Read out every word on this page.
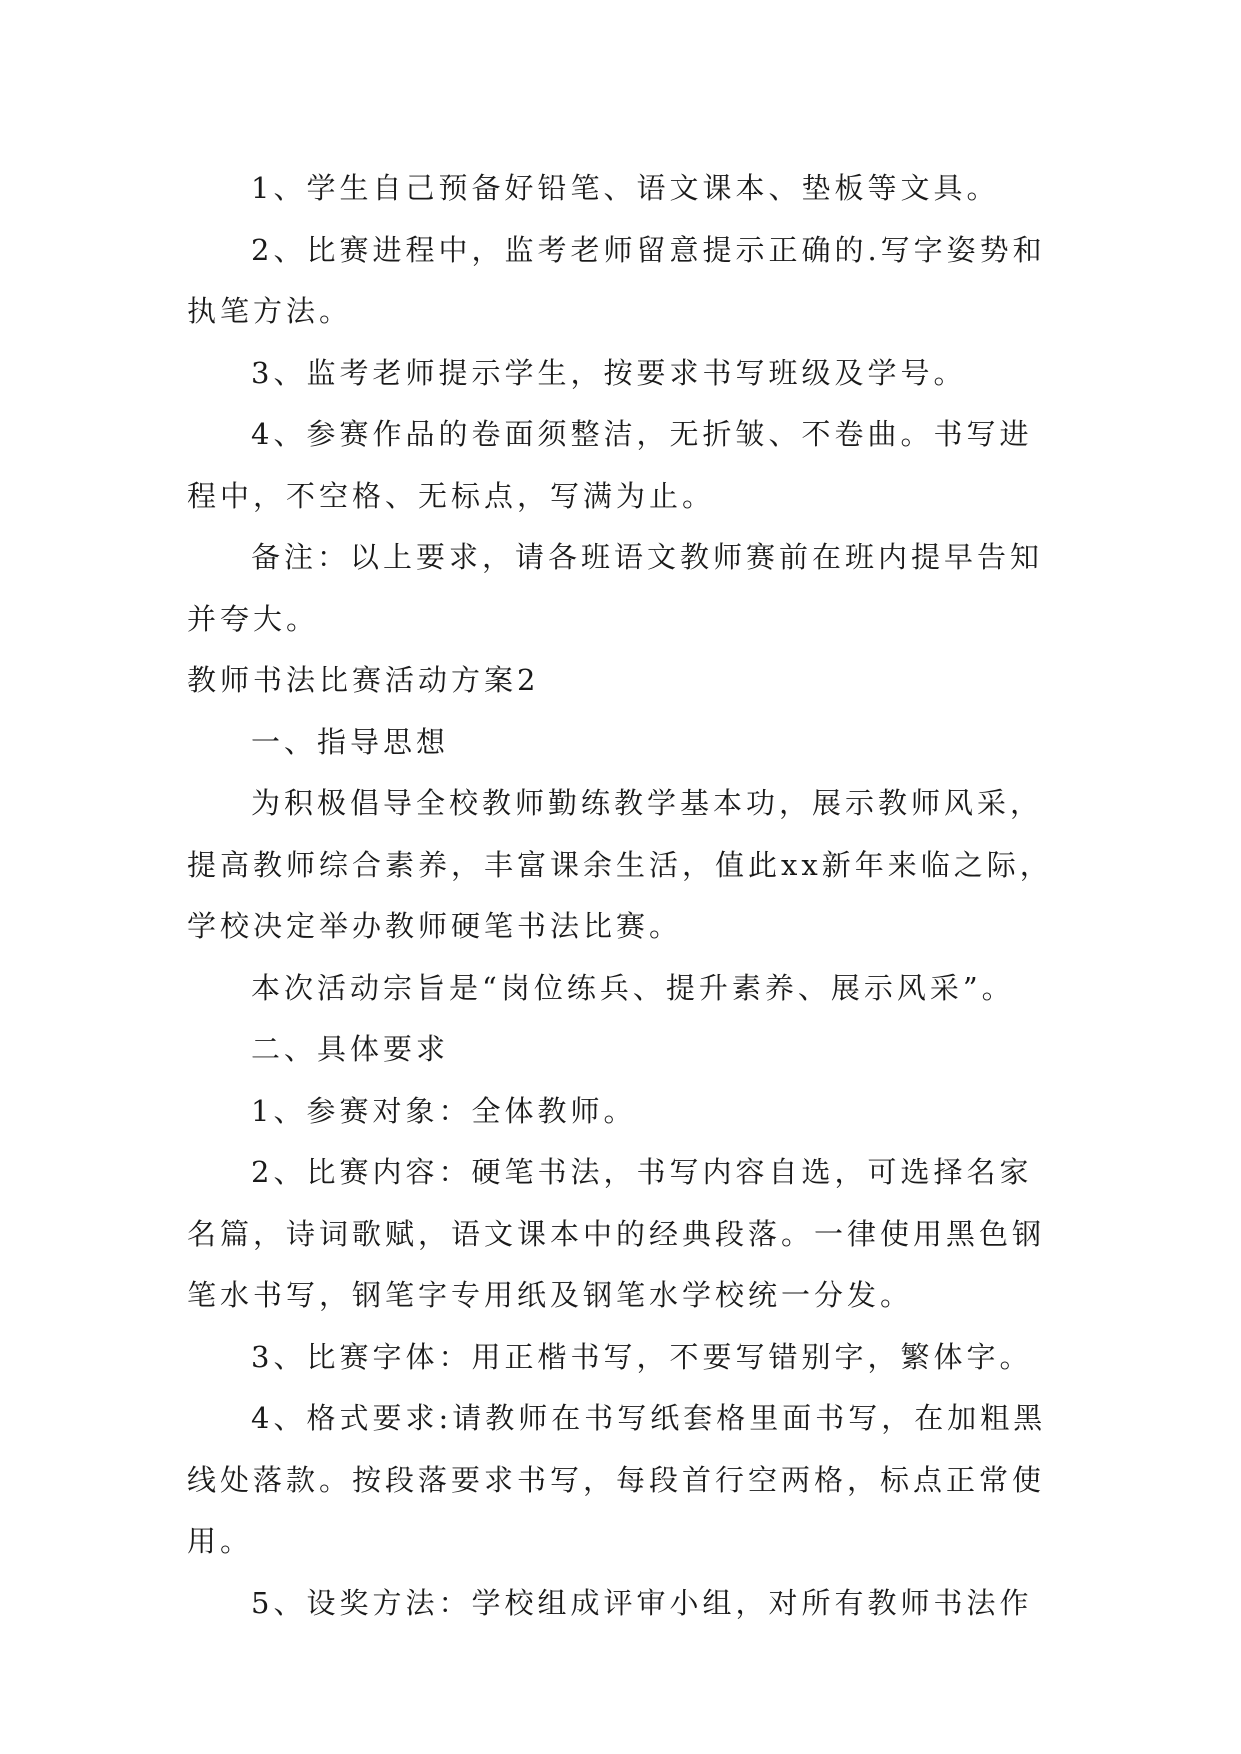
1、学生自己预备好铅笔、语文课本、垫板等文具。

2、比赛进程中，监考老师留意提示正确的.写字姿势和执笔方法。

3、监考老师提示学生，按要求书写班级及学号。

4、参赛作品的卷面须整洁，无折皱、不卷曲。书写进程中，不空格、无标点，写满为止。

备注：以上要求，请各班语文教师赛前在班内提早告知并夸大。

教师书法比赛活动方案2

一、指导思想

为积极倡导全校教师勤练教学基本功，展示教师风采，提高教师综合素养，丰富课余生活，值此xx新年来临之际，学校决定举办教师硬笔书法比赛。

本次活动宗旨是“岗位练兵、提升素养、展示风采”。

二、具体要求

1、参赛对象：全体教师。

2、比赛内容：硬笔书法，书写内容自选，可选择名家名篇，诗词歌赋，语文课本中的经典段落。一律使用黑色钢笔水书写，钢笔字专用纸及钢笔水学校统一分发。

3、比赛字体：用正楷书写，不要写错别字，繁体字。

4、格式要求:请教师在书写纸套格里面书写，在加粗黑线处落款。按段落要求书写，每段首行空两格，标点正常使用。

5、设奖方法：学校组成评审小组，对所有教师书法作
